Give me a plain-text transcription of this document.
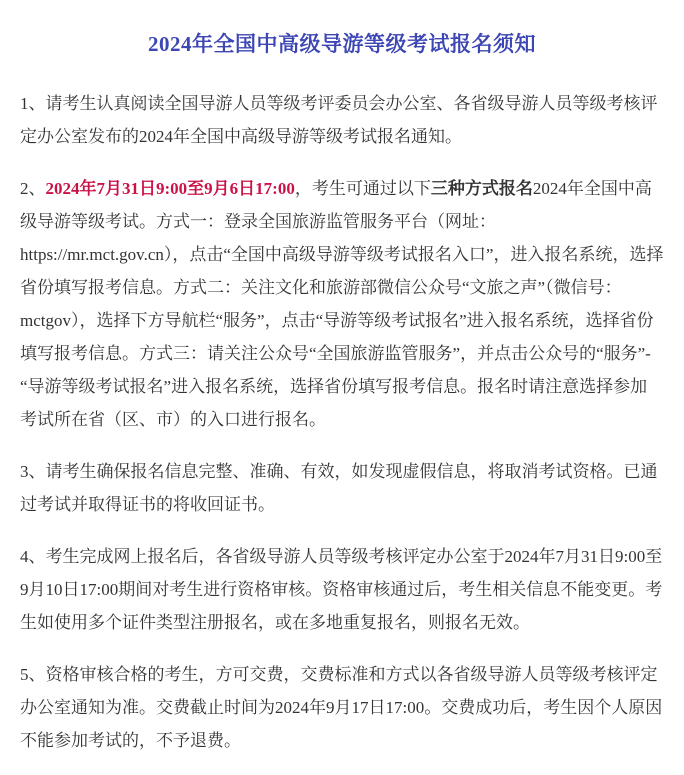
2024年全国中高级导游等级考试报名须知

1、请考生认真阅读全国导游人员等级考评委员会办公室、各省级导游人员等级考核评定办公室发布的2024年全国中高级导游等级考试报名通知。

2、2024年7月31日9:00至9月6日17:00，考生可通过以下三种方式报名2024年全国中高级导游等级考试。方式一：登录全国旅游监管服务平台（网址：https://mr.mct.gov.cn），点击“全国中高级导游等级考试报名入口”，进入报名系统，选择省份填写报考信息。方式二：关注文化和旅游部微信公众号“文旅之声”（微信号：mctgov），选择下方导航栏“服务”，点击“导游等级考试报名”进入报名系统，选择省份填写报考信息。方式三：请关注公众号“全国旅游监管服务”，并点击公众号的“服务”-“导游等级考试报名”进入报名系统，选择省份填写报考信息。报名时请注意选择参加考试所在省（区、市）的入口进行报名。

3、请考生确保报名信息完整、准确、有效，如发现虚假信息，将取消考试资格。已通过考试并取得证书的将收回证书。

4、考生完成网上报名后，各省级导游人员等级考核评定办公室于2024年7月31日9:00至9月10日17:00期间对考生进行资格审核。资格审核通过后，考生相关信息不能变更。考生如使用多个证件类型注册报名，或在多地重复报名，则报名无效。

5、资格审核合格的考生，方可交费，交费标准和方式以各省级导游人员等级考核评定办公室通知为准。交费截止时间为2024年9月17日17:00。交费成功后，考生因个人原因不能参加考试的，不予退费。
